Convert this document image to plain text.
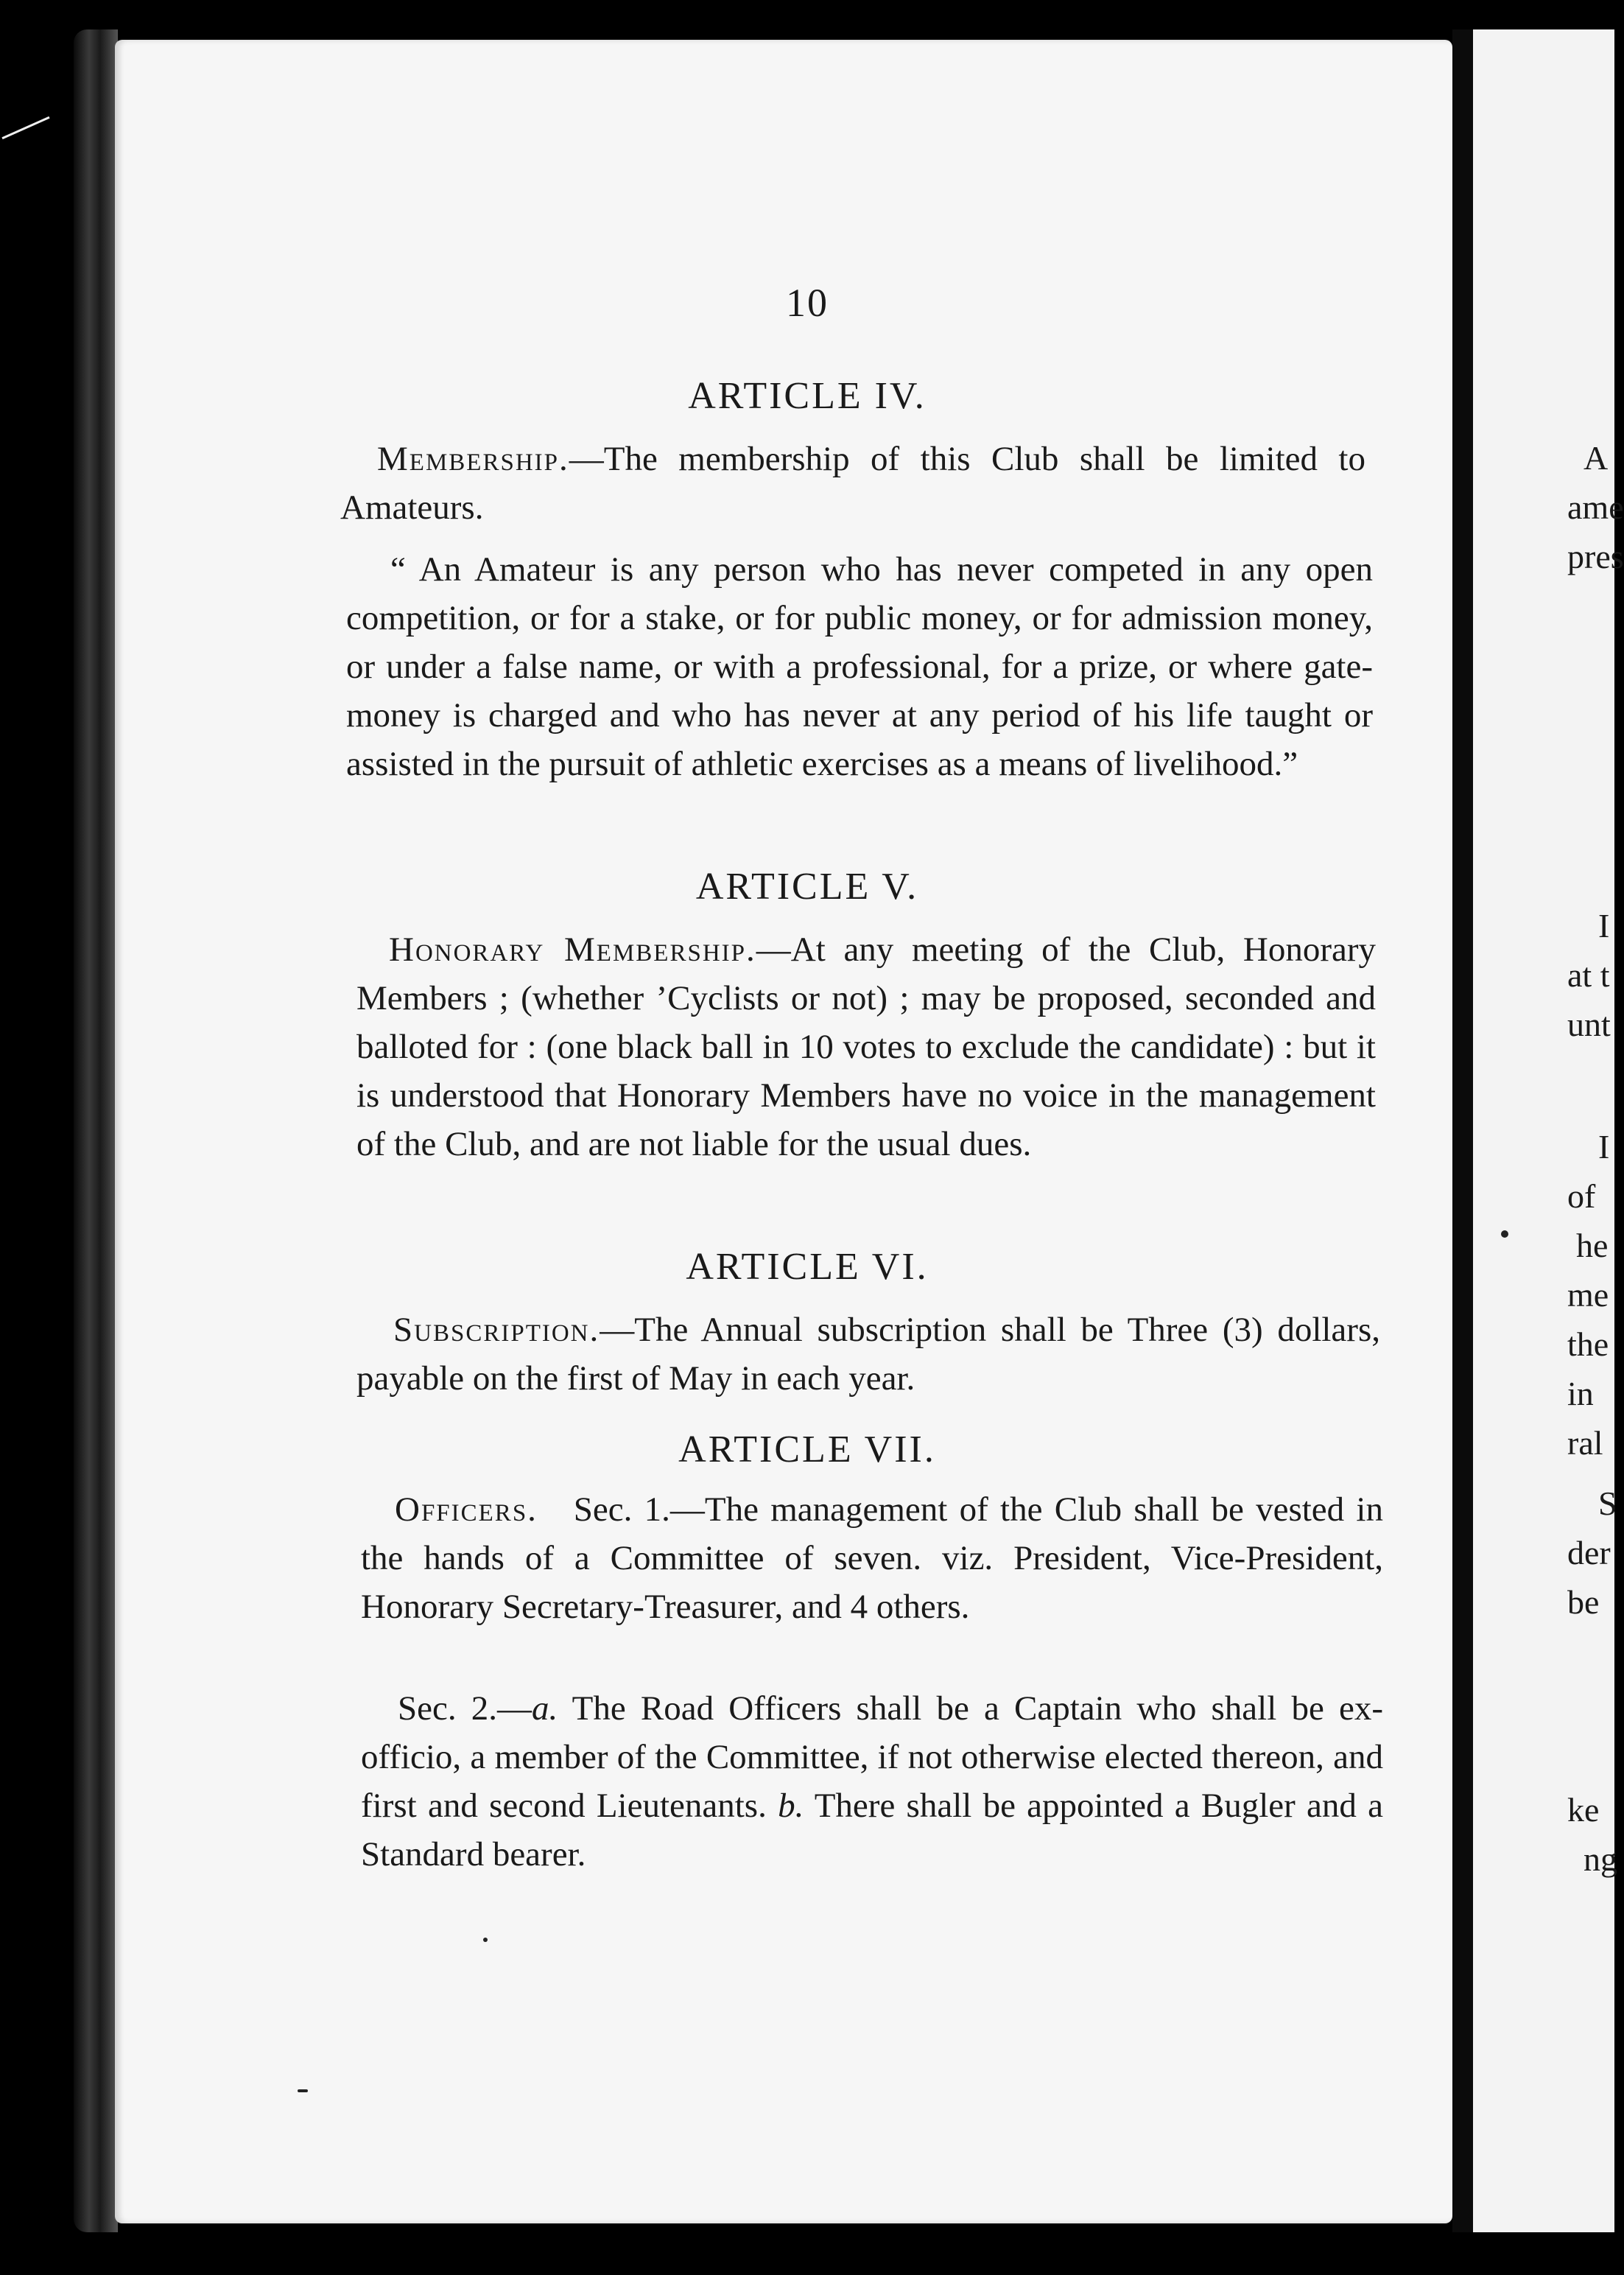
A
ame
pres
I
at t
unt
I
of
he
me
the
in
ral
S
der
be
ke
ng
10
ARTICLE IV.
Membership.—The membership of this Club shall be limited to Amateurs.
“ An Amateur is any person who has never competed in any open competition, or for a stake, or for public money, or for admission money, or under a false name, or with a professional, for a prize, or where gate-money is charged and who has never at any period of his life taught or assisted in the pursuit of athletic exercises as a means of livelihood.”
ARTICLE V.
Honorary Membership.—At any meeting of the Club, Honorary Members ; (whether ’Cyclists or not) ; may be proposed, seconded and balloted for : (one black ball in 10 votes to exclude the candidate) : but it is understood that Honorary Members have no voice in the management of the Club, and are not liable for the usual dues.
ARTICLE VI.
Subscription.—The Annual subscription shall be Three (3) dollars, payable on the first of May in each year.
ARTICLE VII.
Officers. Sec. 1.—The management of the Club shall be vested in the hands of a Committee of seven. viz. President, Vice-President, Honorary Secretary-Treasurer, and 4 others.
Sec. 2.—a. The Road Officers shall be a Captain who shall be ex-officio, a member of the Committee, if not otherwise elected thereon, and first and second Lieutenants. b. There shall be appointed a Bugler and a Standard bearer.
